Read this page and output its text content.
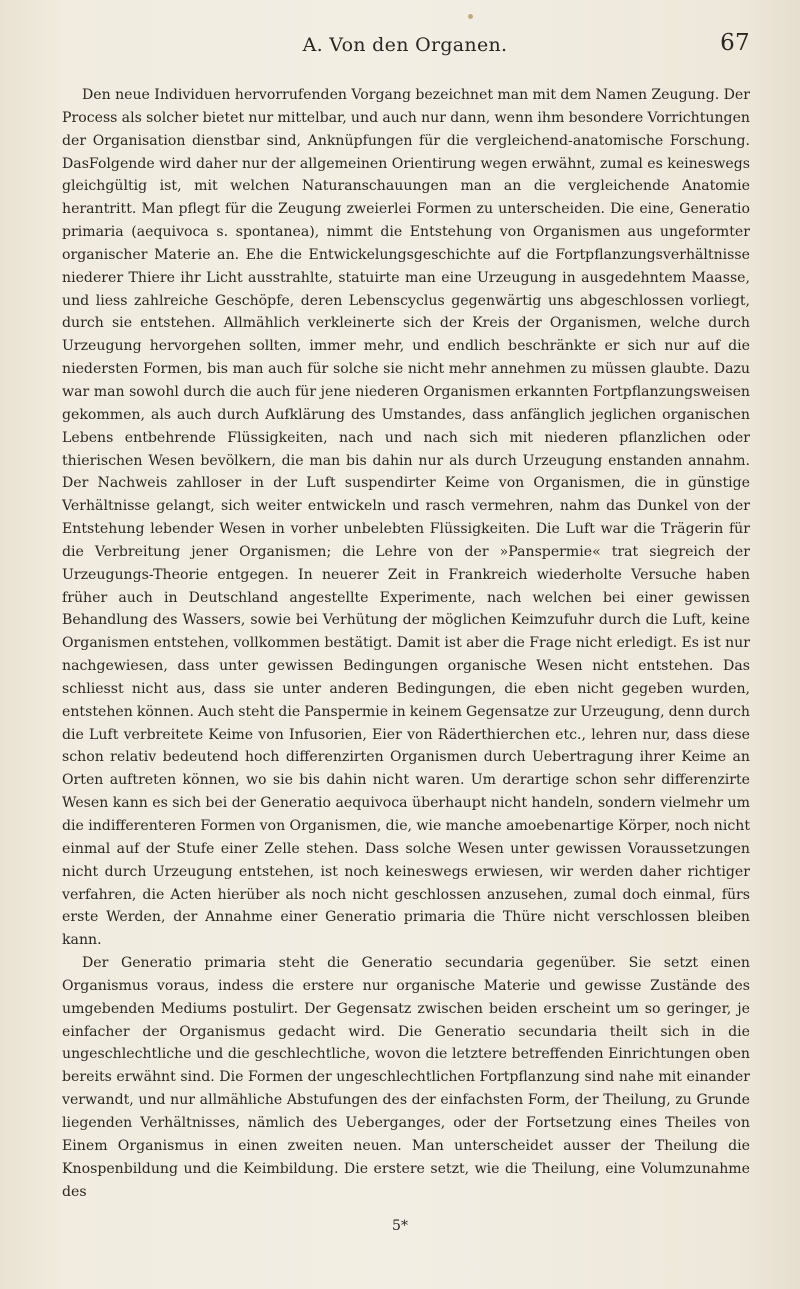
A. Von den Organen.	67

Den neue Individuen hervorrufenden Vorgang bezeichnet man mit dem Namen Zeugung. Der Process als solcher bietet nur mittelbar, und auch nur dann, wenn ihm besondere Vorrichtungen der Organisation dienstbar sind, Anknüpfungen für die vergleichend-anatomische Forschung. DasFolgende wird daher nur der allgemeinen Orientirung wegen erwähnt, zumal es keineswegs gleichgültig ist, mit welchen Naturanschauungen man an die vergleichende Anatomie herantritt. Man pflegt für die Zeugung zweierlei Formen zu unterscheiden. Die eine, Generatio primaria (aequivoca s. spontanea), nimmt die Entstehung von Organismen aus ungeformter organischer Materie an. Ehe die Entwickelungsgeschichte auf die Fortpflanzungsverhältnisse niederer Thiere ihr Licht ausstrahlte, statuirte man eine Urzeugung in ausgedehntem Maasse, und liess zahlreiche Geschöpfe, deren Lebenscyclus gegenwärtig uns abgeschlossen vorliegt, durch sie entstehen. Allmählich verkleinerte sich der Kreis der Organismen, welche durch Urzeugung hervorgehen sollten, immer mehr, und endlich beschränkte er sich nur auf die niedersten Formen, bis man auch für solche sie nicht mehr annehmen zu müssen glaubte. Dazu war man sowohl durch die auch für jene niederen Organismen erkannten Fortpflanzungsweisen gekommen, als auch durch Aufklärung des Umstandes, dass anfänglich jeglichen organischen Lebens entbehrende Flüssigkeiten, nach und nach sich mit niederen pflanzlichen oder thierischen Wesen bevölkern, die man bis dahin nur als durch Urzeugung enstanden annahm. Der Nachweis zahlloser in der Luft suspendirter Keime von Organismen, die in günstige Verhältnisse gelangt, sich weiter entwickeln und rasch vermehren, nahm das Dunkel von der Entstehung lebender Wesen in vorher unbelebten Flüssigkeiten. Die Luft war die Trägerin für die Verbreitung jener Organismen; die Lehre von der »Panspermie« trat siegreich der Urzeugungs-Theorie entgegen. In neuerer Zeit in Frankreich wiederholte Versuche haben früher auch in Deutschland angestellte Experimente, nach welchen bei einer gewissen Behandlung des Wassers, sowie bei Verhütung der möglichen Keimzufuhr durch die Luft, keine Organismen entstehen, vollkommen bestätigt. Damit ist aber die Frage nicht erledigt. Es ist nur nachgewiesen, dass unter gewissen Bedingungen organische Wesen nicht entstehen. Das schliesst nicht aus, dass sie unter anderen Bedingungen, die eben nicht gegeben wurden, entstehen können. Auch steht die Panspermie in keinem Gegensatze zur Urzeugung, denn durch die Luft verbreitete Keime von Infusorien, Eier von Räderthierchen etc., lehren nur, dass diese schon relativ bedeutend hoch differenzirten Organismen durch Uebertragung ihrer Keime an Orten auftreten können, wo sie bis dahin nicht waren. Um derartige schon sehr differenzirte Wesen kann es sich bei der Generatio aequivoca überhaupt nicht handeln, sondern vielmehr um die indifferenteren Formen von Organismen, die, wie manche amoebenartige Körper, noch nicht einmal auf der Stufe einer Zelle stehen. Dass solche Wesen unter gewissen Voraussetzungen nicht durch Urzeugung entstehen, ist noch keineswegs erwiesen, wir werden daher richtiger verfahren, die Acten hierüber als noch nicht geschlossen anzusehen, zumal doch einmal, fürs erste Werden, der Annahme einer Generatio primaria die Thüre nicht verschlossen bleiben kann.

Der Generatio primaria steht die Generatio secundaria gegenüber. Sie setzt einen Organismus voraus, indess die erstere nur organische Materie und gewisse Zustände des umgebenden Mediums postulirt. Der Gegensatz zwischen beiden erscheint um so geringer, je einfacher der Organismus gedacht wird. Die Generatio secundaria theilt sich in die ungeschlechtliche und die geschlechtliche, wovon die letztere betreffenden Einrichtungen oben bereits erwähnt sind. Die Formen der ungeschlechtlichen Fortpflanzung sind nahe mit einander verwandt, und nur allmähliche Abstufungen des der einfachsten Form, der Theilung, zu Grunde liegenden Verhältnisses, nämlich des Ueberganges, oder der Fortsetzung eines Theiles von Einem Organismus in einen zweiten neuen. Man unterscheidet ausser der Theilung die Knospenbildung und die Keimbildung. Die erstere setzt, wie die Theilung, eine Volumzunahme des

5*
